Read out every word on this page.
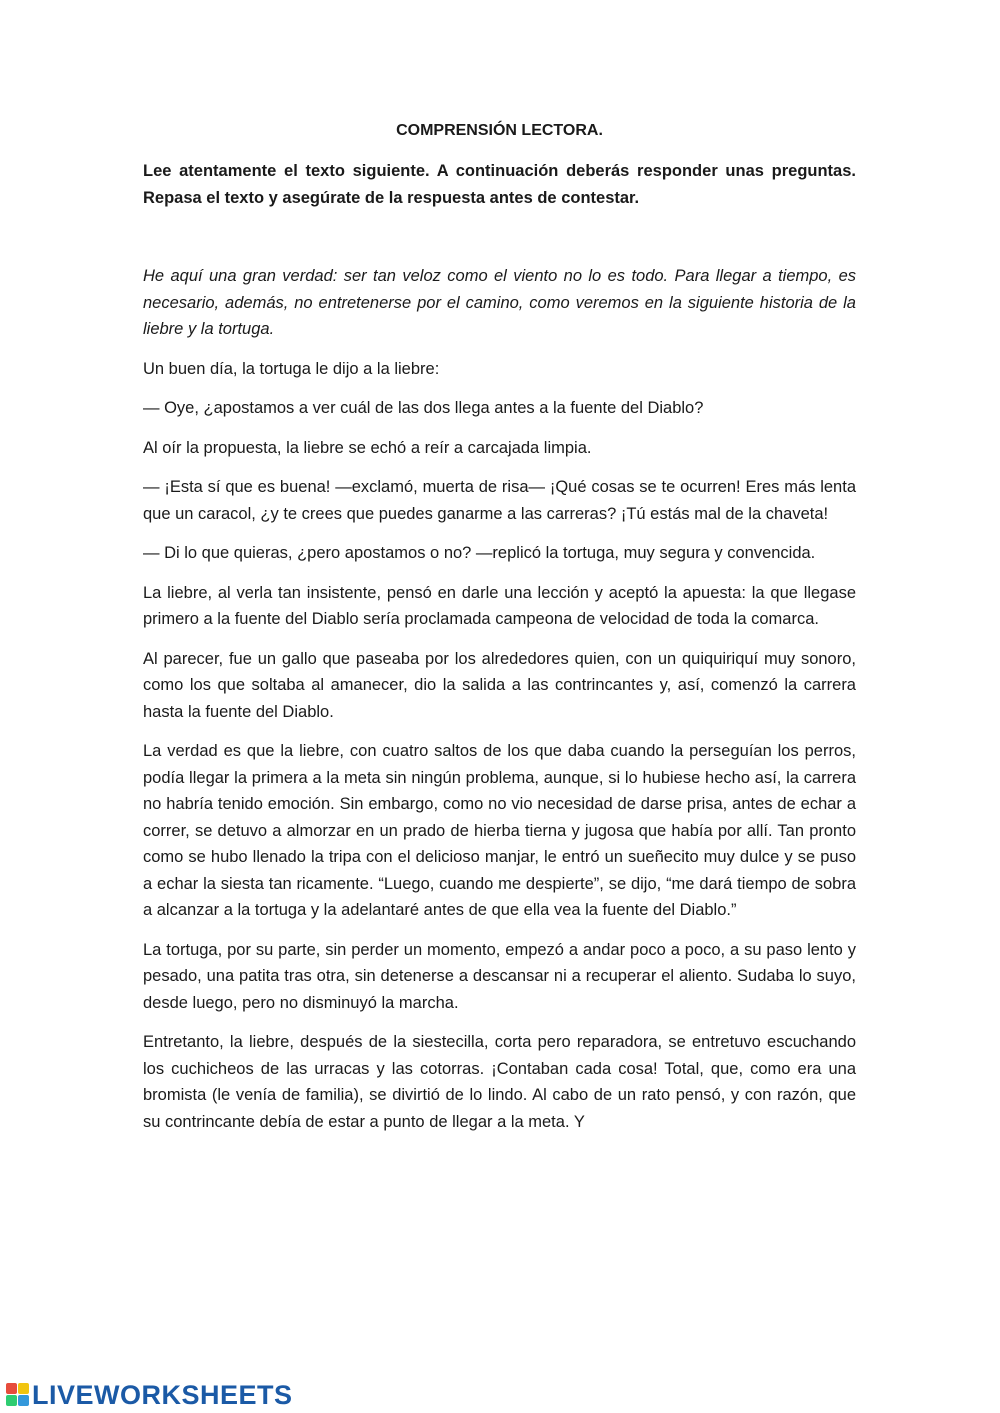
COMPRENSIÓN LECTORA.

Lee atentamente el texto siguiente. A continuación deberás responder unas preguntas. Repasa el texto y asegúrate de la respuesta antes de contestar.

He aquí una gran verdad: ser tan veloz como el viento no lo es todo. Para llegar a tiempo, es necesario, además, no entretenerse por el camino, como veremos en la siguiente historia de la liebre y la tortuga.

Un buen día, la tortuga le dijo a la liebre:

— Oye, ¿apostamos a ver cuál de las dos llega antes a la fuente del Diablo?

Al oír la propuesta, la liebre se echó a reír a carcajada limpia.

— ¡Esta sí que es buena! —exclamó, muerta de risa— ¡Qué cosas se te ocurren! Eres más lenta que un caracol, ¿y te crees que puedes ganarme a las carreras? ¡Tú estás mal de la chaveta!

— Di lo que quieras, ¿pero apostamos o no? —replicó la tortuga, muy segura y convencida.

La liebre, al verla tan insistente, pensó en darle una lección y aceptó la apuesta: la que llegase primero a la fuente del Diablo sería proclamada campeona de velocidad de toda la comarca.

Al parecer, fue un gallo que paseaba por los alrededores quien, con un quiquiriquí muy sonoro, como los que soltaba al amanecer, dio la salida a las contrincantes y, así, comenzó la carrera hasta la fuente del Diablo.

La verdad es que la liebre, con cuatro saltos de los que daba cuando la perseguían los perros, podía llegar la primera a la meta sin ningún problema, aunque, si lo hubiese hecho así, la carrera no habría tenido emoción. Sin embargo, como no vio necesidad de darse prisa, antes de echar a correr, se detuvo a almorzar en un prado de hierba tierna y jugosa que había por allí. Tan pronto como se hubo llenado la tripa con el delicioso manjar, le entró un sueñecito muy dulce y se puso a echar la siesta tan ricamente. “Luego, cuando me despierte”, se dijo, “me dará tiempo de sobra a alcanzar a la tortuga y la adelantaré antes de que ella vea la fuente del Diablo.”

La tortuga, por su parte, sin perder un momento, empezó a andar poco a poco, a su paso lento y pesado, una patita tras otra, sin detenerse a descansar ni a recuperar el aliento. Sudaba lo suyo, desde luego, pero no disminuyó la marcha.

Entretanto, la liebre, después de la siestecilla, corta pero reparadora, se entretuvo escuchando los cuchicheos de las urracas y las cotorras. ¡Contaban cada cosa! Total, que, como era una bromista (le venía de familia), se divirtió de lo lindo. Al cabo de un rato pensó, y con razón, que su contrincante debía de estar a punto de llegar a la meta. Y

LIVEWORKSHEETS
